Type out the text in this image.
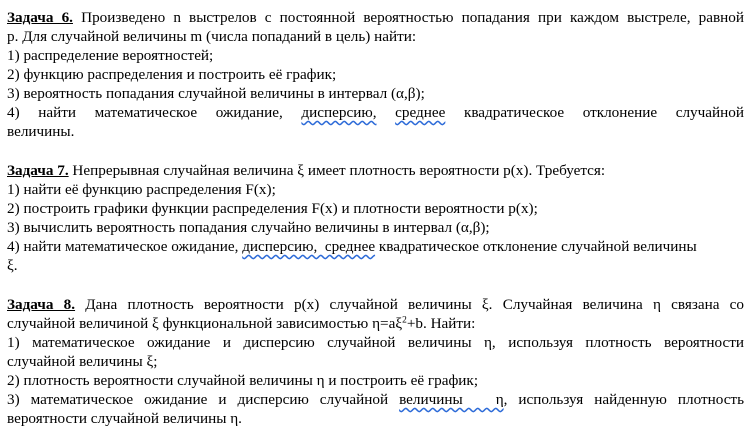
Задача 6. Произведено n выстрелов с постоянной вероятностью попадания при каждом выстреле, равной
p. Для случайной величины m (числа попаданий в цель) найти:
1) распределение вероятностей;
2) функцию распределения и построить её график;
3) вероятность попадания случайной величины в интервал (α,β);
4) найти математическое ожидание, дисперсию, среднее квадратическое отклонение случайной
величины.
Задача 7. Непрерывная случайная величина ξ имеет плотность вероятности p(x). Требуется:
1) найти её функцию распределения F(x);
2) построить графики функции распределения F(x) и плотности вероятности p(x);
3) вычислить вероятность попадания случайно величины в интервал (α,β);
4) найти математическое ожидание, дисперсию,  среднее квадратическое отклонение случайной величины
ξ.
Задача 8. Дана плотность вероятности p(x) случайной величины ξ. Случайная величина η связана со
случайной величиной ξ функциональной зависимостью $\eta=a\xi^2+b$. Найти:
1) математическое ожидание и дисперсию случайной величины η, используя плотность вероятности
случайной величины ξ;
2) плотность вероятности случайной величины η и построить её график;
3) математическое ожидание и дисперсию случайной величины   η, используя найденную плотность
вероятности случайной величины η.
